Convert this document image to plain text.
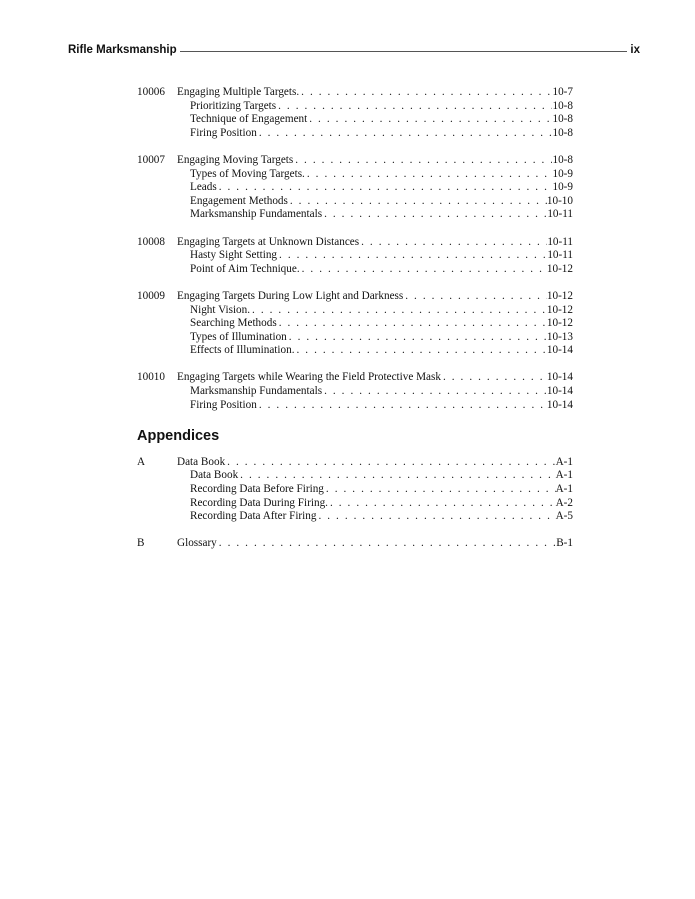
Rifle Marksmanship	ix
10006	Engaging Multiple Targets. . . .	10-7
Prioritizing Targets . . .	10-8
Technique of Engagement . . .	10-8
Firing Position . . .	10-8
10007	Engaging Moving Targets . . .	10-8
Types of Moving Targets. . . .	10-9
Leads . . .	10-9
Engagement Methods . . .	10-10
Marksmanship Fundamentals . . .	10-11
10008	Engaging Targets at Unknown Distances . . .	10-11
Hasty Sight Setting . . .	10-11
Point of Aim Technique. . . .	10-12
10009	Engaging Targets During Low Light and Darkness . . .	10-12
Night Vision. . . .	10-12
Searching Methods . . .	10-12
Types of Illumination . . .	10-13
Effects of Illumination. . . .	10-14
10010	Engaging Targets while Wearing the Field Protective Mask . . .	10-14
Marksmanship Fundamentals . . .	10-14
Firing Position . . .	10-14
Appendices
A	Data Book . . .	A-1
Data Book . . .	A-1
Recording Data Before Firing . . .	A-1
Recording Data During Firing. . . .	A-2
Recording Data After Firing . . .	A-5
B	Glossary . . .	B-1
